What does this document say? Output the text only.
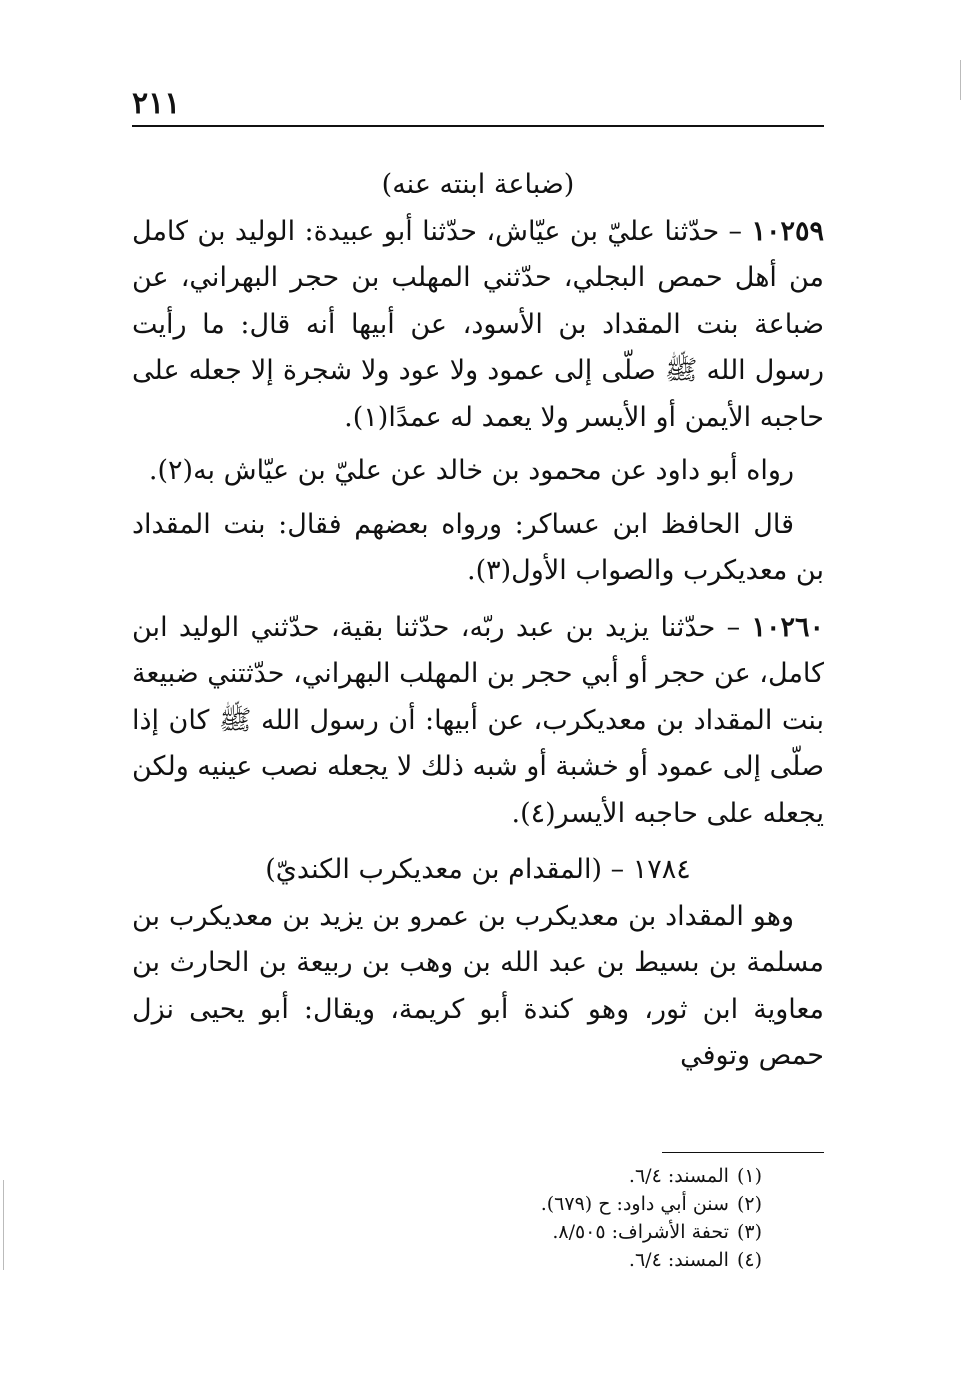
٢١١

(ضباعة ابنته عنه)

١٠٢٥٩ – حدّثنا عليّ بن عيّاش، حدّثنا أبو عبيدة: الوليد بن كامل من أهل حمص البجلي، حدّثني المهلب بن حجر البهراني، عن ضباعة بنت المقداد بن الأسود، عن أبيها أنه قال: ما رأيت رسول الله ﷺ صلّى إلى عمود ولا عود ولا شجرة إلا جعله على حاجبه الأيمن أو الأيسر ولا يعمد له عمدًا(١).

رواه أبو داود عن محمود بن خالد عن عليّ بن عيّاش به(٢).

قال الحافظ ابن عساكر: ورواه بعضهم فقال: بنت المقداد بن معديكرب والصواب الأول(٣).

١٠٢٦٠ – حدّثنا يزيد بن عبد ربّه، حدّثنا بقية، حدّثني الوليد ابن كامل، عن حجر أو أبي حجر بن المهلب البهراني، حدّثتني ضبيعة بنت المقداد بن معديكرب، عن أبيها: أن رسول الله ﷺ كان إذا صلّى إلى عمود أو خشبة أو شبه ذلك لا يجعله نصب عينيه ولكن يجعله على حاجبه الأيسر(٤).

١٧٨٤ – (المقدام بن معديكرب الكنديّ)

وهو المقداد بن معديكرب بن عمرو بن يزيد بن معديكرب بن مسلمة بن بسيط بن عبد الله بن وهب بن ربيعة بن الحارث بن معاوية ابن ثور، وهو كندة أبو كريمة، ويقال: أبو يحيى نزل حمص وتوفي

(١)المسند: ٦/٤.

(٢)سنن أبي داود: ح (٦٧٩).

(٣)تحفة الأشراف: ٨/٥٠٥.

(٤)المسند: ٦/٤.
